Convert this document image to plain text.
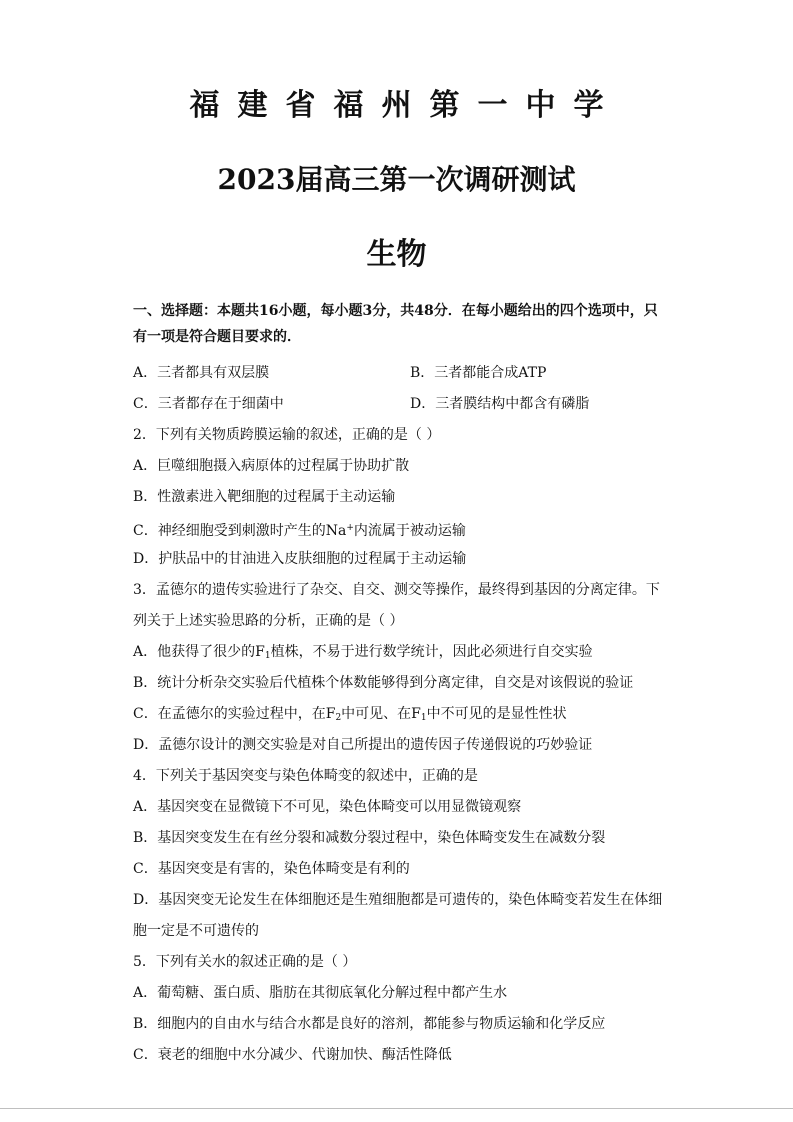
福 建 省 福 州 第 一 中 学
2023届高三第一次调研测试
生物
一、选择题：本题共16小题，每小题3分，共48分．在每小题给出的四个选项中，只有一项是符合题目要求的．
A．三者都具有双层膜	B．三者都能合成ATP
C．三者都存在于细菌中	D．三者膜结构中都含有磷脂
2．下列有关物质跨膜运输的叙述，正确的是（ ）
A．巨噬细胞摄入病原体的过程属于协助扩散
B．性激素进入靶细胞的过程属于主动运输
C．神经细胞受到刺激时产生的Na+内流属于被动运输
D．护肤品中的甘油进入皮肤细胞的过程属于主动运输
3．孟德尔的遗传实验进行了杂交、自交、测交等操作，最终得到基因的分离定律。下列关于上述实验思路的分析，正确的是（ ）
A．他获得了很少的$F_1$植株，不易于进行数学统计，因此必须进行自交实验
B．统计分析杂交实验后代植株个体数能够得到分离定律，自交是对该假说的验证
C．在孟德尔的实验过程中，在$F_2$中可见、在$F_1$中不可见的是显性性状
D．孟德尔设计的测交实验是对自己所提出的遗传因子传递假说的巧妙验证
4．下列关于基因突变与染色体畸变的叙述中，正确的是
A．基因突变在显微镜下不可见，染色体畸变可以用显微镜观察
B．基因突变发生在有丝分裂和减数分裂过程中，染色体畸变发生在减数分裂
C．基因突变是有害的，染色体畸变是有利的
D．基因突变无论发生在体细胞还是生殖细胞都是可遗传的，染色体畸变若发生在体细胞一定是不可遗传的
5．下列有关水的叙述正确的是（ ）
A．葡萄糖、蛋白质、脂肪在其彻底氧化分解过程中都产生水
B．细胞内的自由水与结合水都是良好的溶剂，都能参与物质运输和化学反应
C．衰老的细胞中水分减少、代谢加快、酶活性降低
